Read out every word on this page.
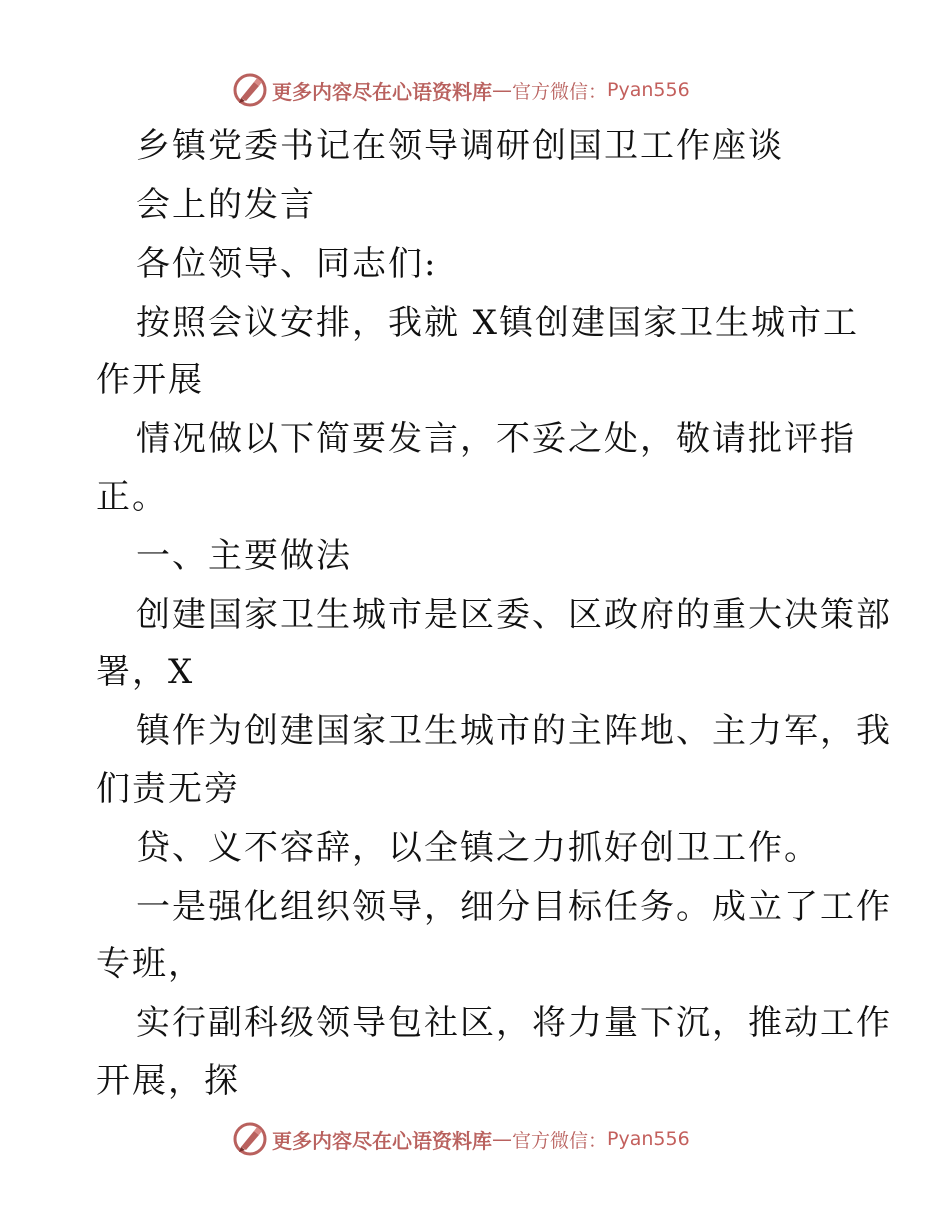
更多内容尽在心语资料库 — 官方微信： Pyan556
乡镇党委书记在领导调研创国卫工作座谈
会上的发言
各位领导、同志们:
按照会议安排，我就 X镇创建国家卫生城市工
作开展
情况做以下简要发言，不妥之处，敬请批评指
正。
一、主要做法
创建国家卫生城市是区委、区政府的重大决策部
署，X
镇作为创建国家卫生城市的主阵地、主力军，我
们责无旁
贷、义不容辞，以全镇之力抓好创卫工作。
一是强化组织领导，细分目标任务。成立了工作
专班，
实行副科级领导包社区，将力量下沉，推动工作
开展，探
更多内容尽在心语资料库 — 官方微信： Pyan556
